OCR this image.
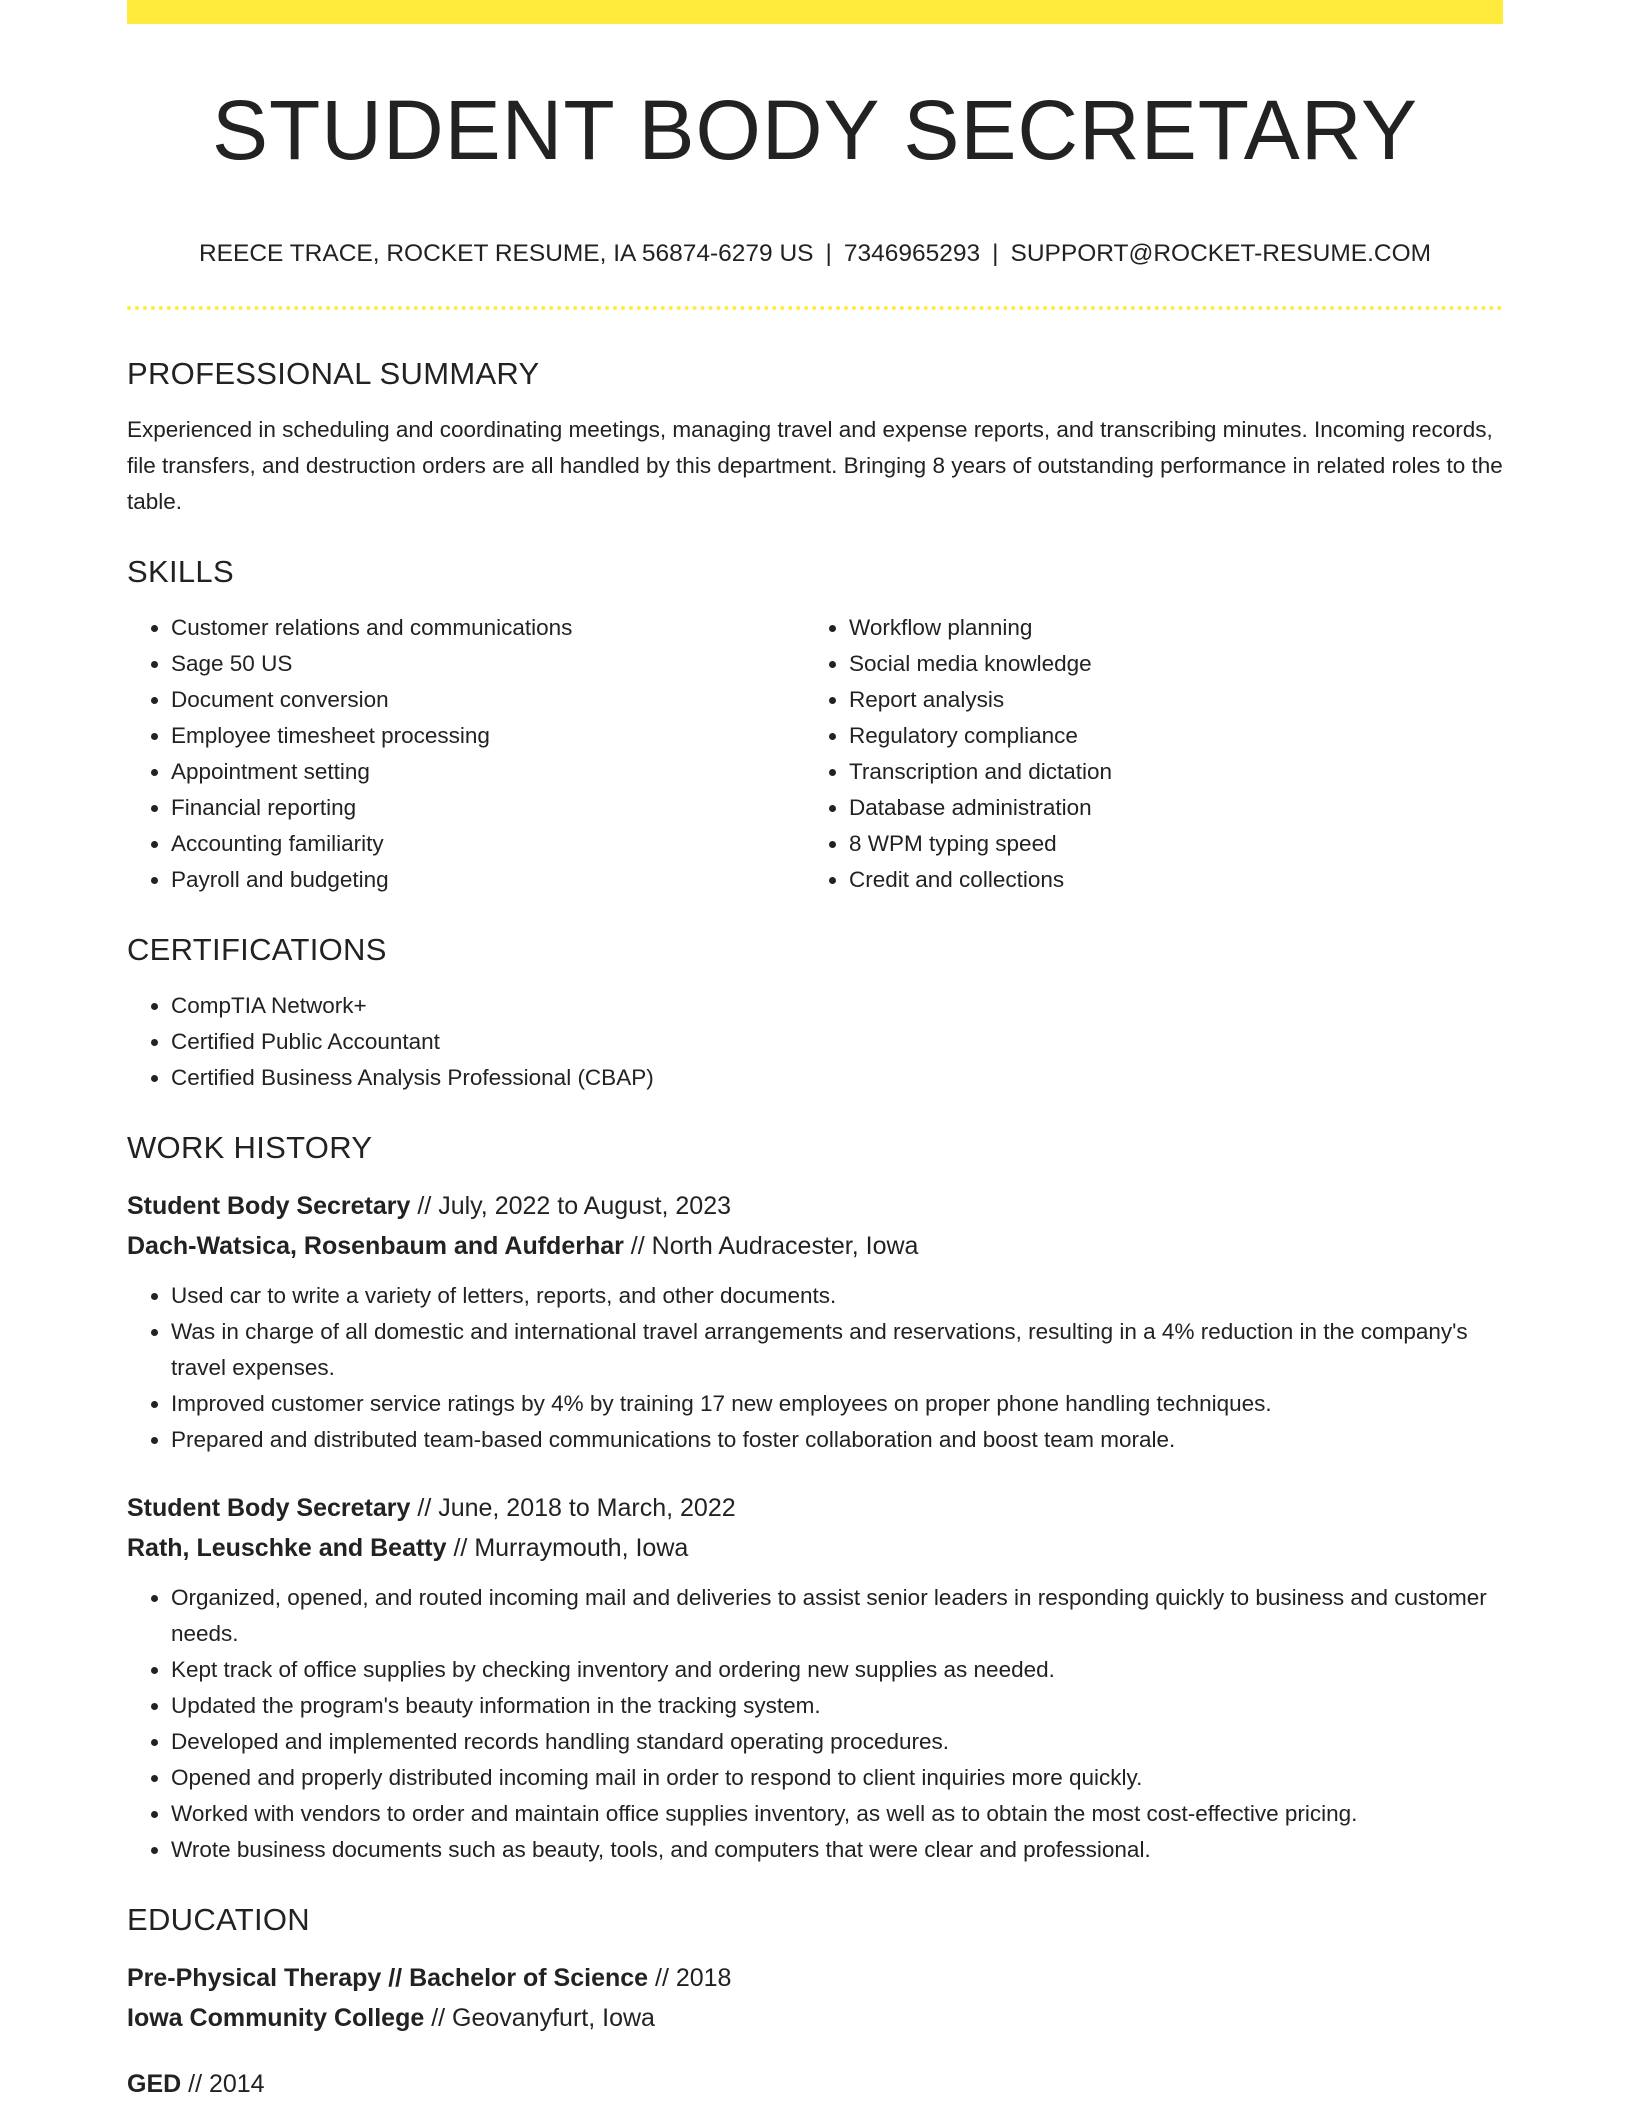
STUDENT BODY SECRETARY
REECE TRACE, ROCKET RESUME, IA 56874-6279 US | 7346965293 | SUPPORT@ROCKET-RESUME.COM
PROFESSIONAL SUMMARY

Experienced in scheduling and coordinating meetings, managing travel and expense reports, and transcribing minutes. Incoming records, file transfers, and destruction orders are all handled by this department. Bringing 8 years of outstanding performance in related roles to the table.

SKILLS
• Customer relations and communications
• Sage 50 US
• Document conversion
• Employee timesheet processing
• Appointment setting
• Financial reporting
• Accounting familiarity
• Payroll and budgeting
• Workflow planning
• Social media knowledge
• Report analysis
• Regulatory compliance
• Transcription and dictation
• Database administration
• 8 WPM typing speed
• Credit and collections
CERTIFICATIONS
• CompTIA Network+
• Certified Public Accountant
• Certified Business Analysis Professional (CBAP)
WORK HISTORY
Student Body Secretary // July, 2022 to August, 2023
Dach-Watsica, Rosenbaum and Aufderhar // North Audracester, Iowa
• Used car to write a variety of letters, reports, and other documents.
• Was in charge of all domestic and international travel arrangements and reservations, resulting in a 4% reduction in the company's travel expenses.
• Improved customer service ratings by 4% by training 17 new employees on proper phone handling techniques.
• Prepared and distributed team-based communications to foster collaboration and boost team morale.
Student Body Secretary // June, 2018 to March, 2022
Rath, Leuschke and Beatty // Murraymouth, Iowa
• Organized, opened, and routed incoming mail and deliveries to assist senior leaders in responding quickly to business and customer needs.
• Kept track of office supplies by checking inventory and ordering new supplies as needed.
• Updated the program's beauty information in the tracking system.
• Developed and implemented records handling standard operating procedures.
• Opened and properly distributed incoming mail in order to respond to client inquiries more quickly.
• Worked with vendors to order and maintain office supplies inventory, as well as to obtain the most cost-effective pricing.
• Wrote business documents such as beauty, tools, and computers that were clear and professional.
EDUCATION
Pre-Physical Therapy // Bachelor of Science // 2018
Iowa Community College // Geovanyfurt, Iowa
GED // 2014
